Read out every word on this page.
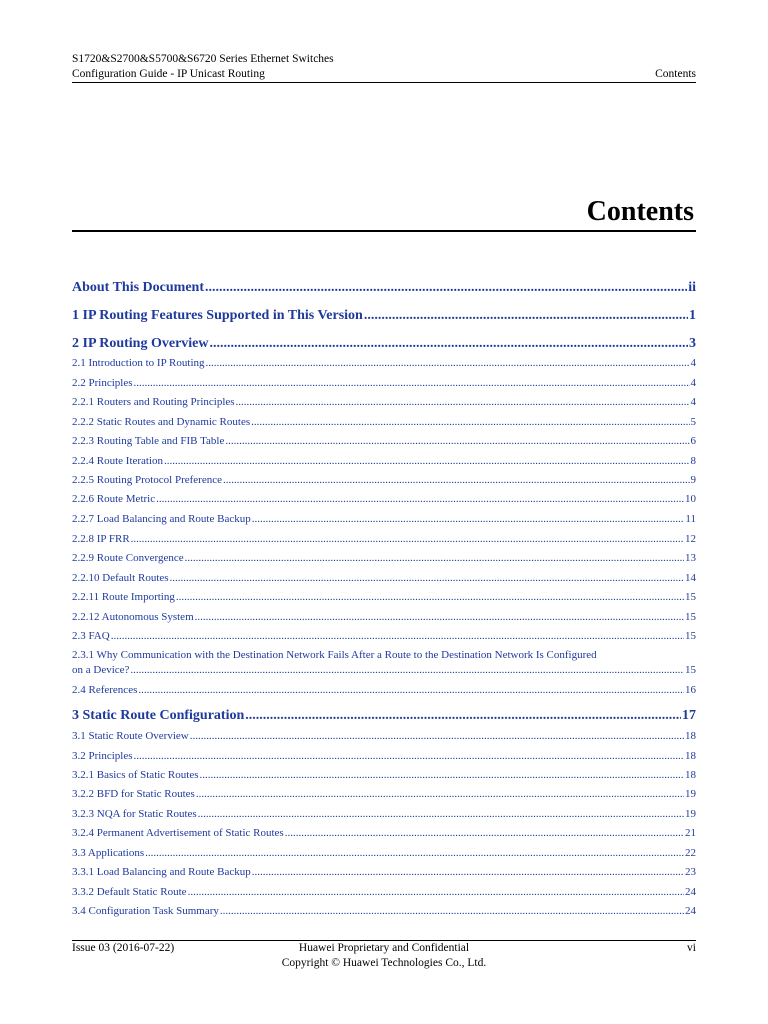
S1720&S2700&S5700&S6720 Series Ethernet Switches
Configuration Guide - IP Unicast Routing	Contents
Contents
About This Document .....	ii
1 IP Routing Features Supported in This Version .....	1
2 IP Routing Overview .....	3
2.1 Introduction to IP Routing .....	4
2.2 Principles .....	4
2.2.1 Routers and Routing Principles .....	4
2.2.2 Static Routes and Dynamic Routes .....	5
2.2.3 Routing Table and FIB Table .....	6
2.2.4 Route Iteration .....	8
2.2.5 Routing Protocol Preference .....	9
2.2.6 Route Metric .....	10
2.2.7 Load Balancing and Route Backup .....	11
2.2.8 IP FRR .....	12
2.2.9 Route Convergence .....	13
2.2.10 Default Routes .....	14
2.2.11 Route Importing .....	15
2.2.12 Autonomous System .....	15
2.3 FAQ .....	15
2.3.1 Why Communication with the Destination Network Fails After a Route to the Destination Network Is Configured
on a Device? .....	15
2.4 References .....	16
3 Static Route Configuration .....	17
3.1 Static Route Overview .....	18
3.2 Principles .....	18
3.2.1 Basics of Static Routes .....	18
3.2.2 BFD for Static Routes .....	19
3.2.3 NQA for Static Routes .....	19
3.2.4 Permanent Advertisement of Static Routes .....	21
3.3 Applications .....	22
3.3.1 Load Balancing and Route Backup .....	23
3.3.2 Default Static Route .....	24
3.4 Configuration Task Summary .....	24
Issue 03 (2016-07-22)	Huawei Proprietary and Confidential
Copyright © Huawei Technologies Co., Ltd.
vi
